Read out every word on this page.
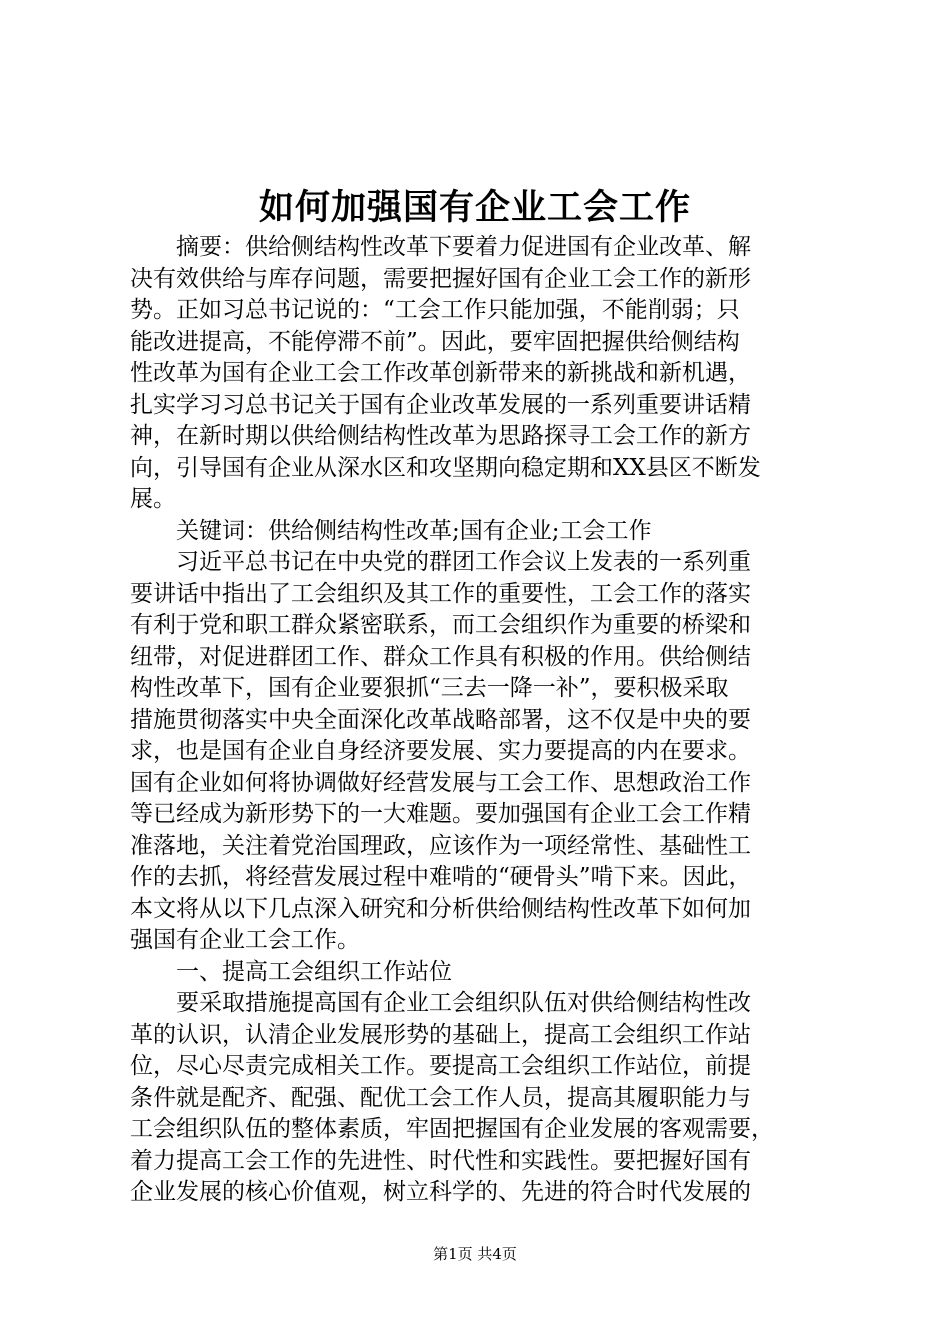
如何加强国有企业工会工作
摘要：供给侧结构性改革下要着力促进国有企业改革、解
决有效供给与库存问题，需要把握好国有企业工会工作的新形
势。正如习总书记说的：“工会工作只能加强，不能削弱；只
能改进提高，不能停滞不前”。因此，要牢固把握供给侧结构
性改革为国有企业工会工作改革创新带来的新挑战和新机遇，
扎实学习习总书记关于国有企业改革发展的一系列重要讲话精
神，在新时期以供给侧结构性改革为思路探寻工会工作的新方
向，引导国有企业从深水区和攻坚期向稳定期和XX县区不断发
展。
关键词：供给侧结构性改革;国有企业;工会工作
习近平总书记在中央党的群团工作会议上发表的一系列重
要讲话中指出了工会组织及其工作的重要性，工会工作的落实
有利于党和职工群众紧密联系，而工会组织作为重要的桥梁和
纽带，对促进群团工作、群众工作具有积极的作用。供给侧结
构性改革下，国有企业要狠抓“三去一降一补”，要积极采取
措施贯彻落实中央全面深化改革战略部署，这不仅是中央的要
求，也是国有企业自身经济要发展、实力要提高的内在要求。
国有企业如何将协调做好经营发展与工会工作、思想政治工作
等已经成为新形势下的一大难题。要加强国有企业工会工作精
准落地，关注着党治国理政，应该作为一项经常性、基础性工
作的去抓，将经营发展过程中难啃的“硬骨头”啃下来。因此，
本文将从以下几点深入研究和分析供给侧结构性改革下如何加
强国有企业工会工作。
一、提高工会组织工作站位
要采取措施提高国有企业工会组织队伍对供给侧结构性改
革的认识，认清企业发展形势的基础上，提高工会组织工作站
位，尽心尽责完成相关工作。要提高工会组织工作站位，前提
条件就是配齐、配强、配优工会工作人员，提高其履职能力与
工会组织队伍的整体素质，牢固把握国有企业发展的客观需要，
着力提高工会工作的先进性、时代性和实践性。要把握好国有
企业发展的核心价值观，树立科学的、先进的符合时代发展的
第1页 共4页
